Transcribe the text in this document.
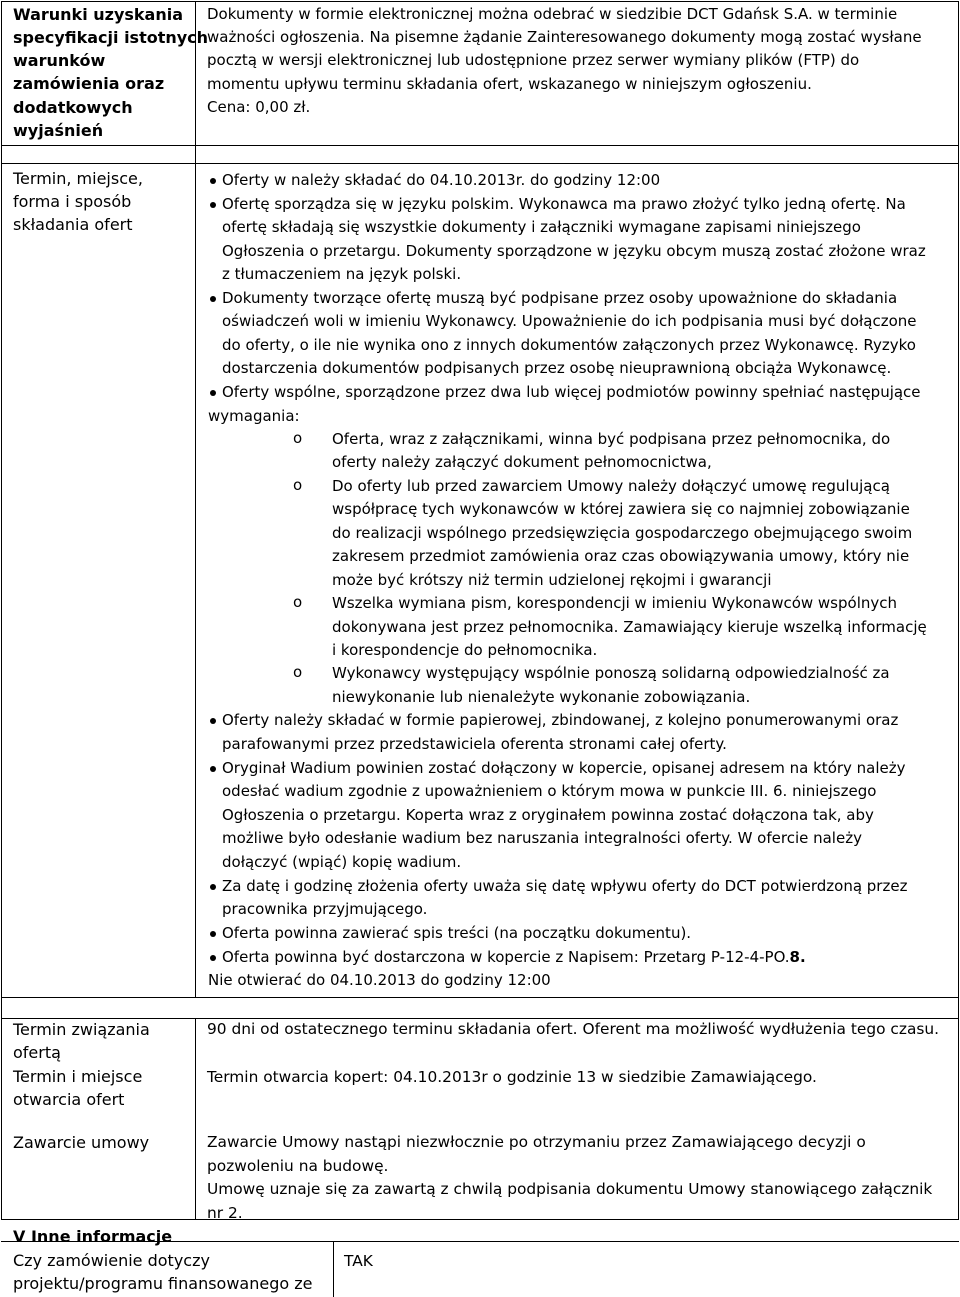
Warunki uzyskania
specyfikacji istotnych
warunków
zamówienia oraz
dodatkowych
wyjaśnień
Dokumenty w formie elektronicznej można odebrać w siedzibie DCT Gdańsk S.A. w terminie
ważności ogłoszenia. Na pisemne żądanie Zainteresowanego dokumenty mogą zostać wysłane
pocztą w wersji elektronicznej lub udostępnione przez serwer wymiany plików (FTP) do
momentu upływu terminu składania ofert, wskazanego w niniejszym ogłoszeniu.
Cena: 0,00 zł.
Termin, miejsce,
forma i sposób
składania ofert
Oferty w należy składać do 04.10.2013r. do godziny 12:00
Ofertę sporządza się w języku polskim. Wykonawca ma prawo złożyć tylko jedną ofertę. Na
ofertę składają się wszystkie dokumenty i załączniki wymagane zapisami niniejszego
Ogłoszenia o przetargu. Dokumenty sporządzone w języku obcym muszą zostać złożone wraz
z tłumaczeniem na język polski.
Dokumenty tworzące ofertę muszą być podpisane przez osoby upoważnione do składania
oświadczeń woli w imieniu Wykonawcy. Upoważnienie do ich podpisania musi być dołączone
do oferty, o ile nie wynika ono z innych dokumentów załączonych przez Wykonawcę. Ryzyko
dostarczenia dokumentów podpisanych przez osobę nieuprawnioną obciąża Wykonawcę.
Oferty wspólne, sporządzone przez dwa lub więcej podmiotów powinny spełniać następujące
wymagania:
o Oferta, wraz z załącznikami, winna być podpisana przez pełnomocnika, do
oferty należy załączyć dokument pełnomocnictwa,
o Do oferty lub przed zawarciem Umowy należy dołączyć umowę regulującą
współpracę tych wykonawców w której zawiera się co najmniej zobowiązanie
do realizacji wspólnego przedsięwzięcia gospodarczego obejmującego swoim
zakresem przedmiot zamówienia oraz czas obowiązywania umowy, który nie
może być krótszy niż termin udzielonej rękojmi i gwarancji
o Wszelka wymiana pism, korespondencji w imieniu Wykonawców wspólnych
dokonywana jest przez pełnomocnika. Zamawiający kieruje wszelką informację
i korespondencje do pełnomocnika.
o Wykonawcy występujący wspólnie ponoszą solidarną odpowiedzialność za
niewykonanie lub nienależyte wykonanie zobowiązania.
Oferty należy składać w formie papierowej, zbindowanej, z kolejno ponumerowanymi oraz
parafowanymi przez przedstawiciela oferenta stronami całej oferty.
Oryginał Wadium powinien zostać dołączony w kopercie, opisanej adresem na który należy
odesłać wadium zgodnie z upoważnieniem o którym mowa w punkcie III. 6. niniejszego
Ogłoszenia o przetargu. Koperta wraz z oryginałem powinna zostać dołączona tak, aby
możliwe było odesłanie wadium bez naruszania integralności oferty. W ofercie należy
dołączyć (wpiąć) kopię wadium.
Za datę i godzinę złożenia oferty uważa się datę wpływu oferty do DCT potwierdzoną przez
pracownika przyjmującego.
Oferta powinna zawierać spis treści (na początku dokumentu).
Oferta powinna być dostarczona w kopercie z Napisem: Przetarg P-12-4-PO.8.
Nie otwierać do 04.10.2013 do godziny 12:00
Termin związania
ofertą
90 dni od ostatecznego terminu składania ofert. Oferent ma możliwość wydłużenia tego czasu.
Termin i miejsce
otwarcia ofert
Termin otwarcia kopert: 04.10.2013r o godzinie 13 w siedzibie Zamawiającego.
Zawarcie umowy	Zawarcie Umowy nastąpi niezwłocznie po otrzymaniu przez Zamawiającego decyzji o
pozwoleniu na budowę.
Umowę uznaje się za zawartą z chwilą podpisania dokumentu Umowy stanowiącego załącznik
nr 2.
V Inne informacje
Czy zamówienie dotyczy
projektu/programu finansowanego ze
TAK
